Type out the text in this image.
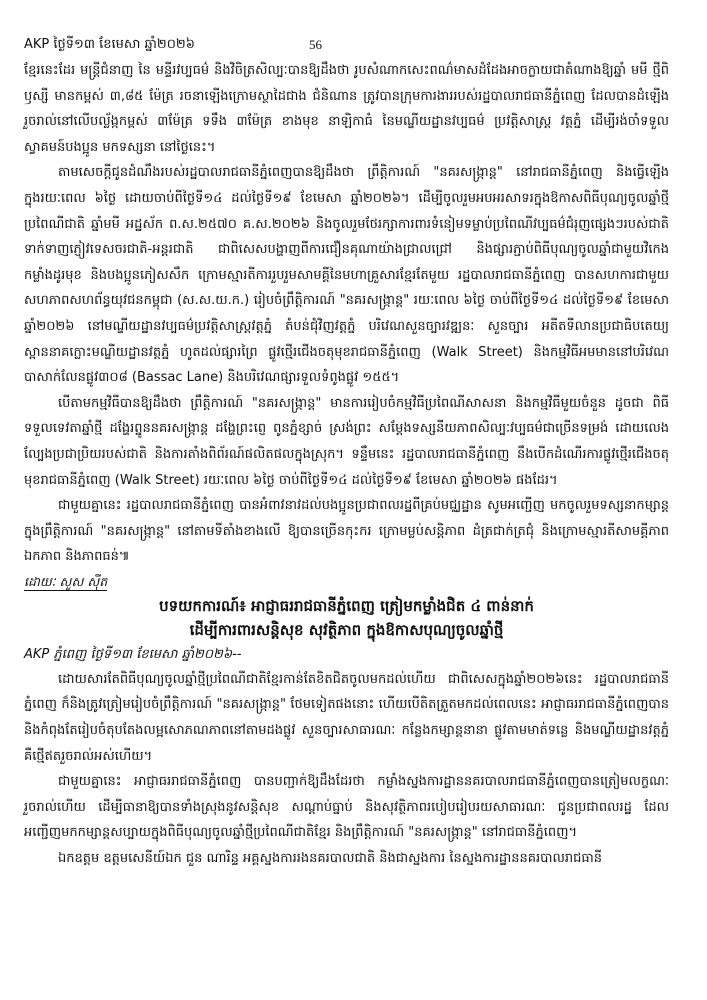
AKP ថ្ងៃទី១៣ ខែមេសា ឆ្នាំ២០២៦	56

ខ្មែរនេះដែរ មន្ត្រីជំនាញ នៃ មន្ទីរវប្បធម៌ និងវិចិត្រសិល្បៈបានឱ្យដឹងថា រូបសំណាកសេះពណ៌មាសដំដែងអាចក្លាយជាតំណាងឱ្យឆ្នាំ មមី ថ្មីពិឫស្សី មានកម្ពស់ ៣,៨៥ ម៉ែត្រ រចនាឡើងក្រោមស្ថាដៃជាង ជំនិណាន ត្រូវបានក្រុមការងាររបស់រដ្ឋបាលរាជធានីភ្នំពេញ ដែលបានដំឡើងរួចរាល់នៅលើបល្ល័ង្កកម្ពស់ ៣ម៉ែត្រ ទទឹង ៣ម៉ែត្រ ខាងមុខ នាឡិកាធំ នៃមណ្ឌីយដ្ឋានវប្បធម៌ ប្រវត្តិសាស្ត្រ វត្តភ្នំ ដើម្បីរង់ចាំទទួលស្វាគមន៍បងប្អូន មកទស្សនា នៅថ្ងៃនេះ។

តាមសេចក្ដីជូនដំណឹងរបស់រដ្ឋបាលរាជធានីភ្នំពេញបានឱ្យដឹងថា ព្រឹត្តិការណ៍ "នគរសង្ក្រាន្ត" នៅរាជធានីភ្នំពេញ និងធ្វើឡើងក្នុងរយៈពេល ៦ថ្ងៃ ដោយចាប់ពីថ្ងៃទី១៤ ដល់ថ្ងៃទី១៩ ខែមេសា ឆ្នាំ២០២៦។ ដើម្បីចូលរួមអបអរសាទរក្នុងឱកាសពិធីបុណ្យចូលឆ្នាំថ្មីប្រពៃណីជាតិ ឆ្នាំមមី អដ្ឋស័ក ព.ស.២៥៧០ គ.ស.២០២៦ និងចូលរួមថែរក្សាការពារទំនៀមទម្លាប់ប្រពៃណីវប្បធម៌ជំរុញផ្សេងៗរបស់ជាតិ ទាក់ទាញភ្ញៀវទេសចរជាតិ-អន្តរជាតិ ជាពិសេសបង្ហាញពីការជឿនគុណាយ៉ាងជ្រាលជ្រៅ និងផ្សារភ្ជាប់ពិធីបុណ្យចូលឆ្នាំជាមួយវិកេងកម្លាំងដូរមុខ និងបងប្អូនភៀសសឹក ក្រោមស្មារតីការរួបរួមសាមគ្គីនៃមហាគ្រួសារខ្មែរតែមួយ រដ្ឋបាលរាជធានីភ្នំពេញ បានសហការជាមួយសហភាពសហព័ន្ធយុវជនកម្ពុជា (ស.ស.យ.ក.) រៀបចំព្រឹត្តិការណ៍ "នគរសង្ក្រាន្ត" រយៈពេល ៦ថ្ងៃ ចាប់ពីថ្ងៃទី១៤ ដល់ថ្ងៃទី១៩ ខែមេសា ឆ្នាំ២០២៦ នៅមណ្ឌីយដ្ឋានវប្បធម៌ប្រវត្តិសាស្ត្រវត្តភ្នំ តំបន់ជុំវិញវត្តភ្នំ បរិវេណសួនច្បារវឌ្ឍនៈ សួនច្បារ អតីតទីលានប្រជាធិបតេយ្យ ស្ពាននាគក្លោះមណ្ឌីយដ្ឋានវត្តភ្នំ ហូតដល់ផ្សារព្រៃ ផ្លូវថ្មើរជើងចតុមុខរាជធានីភ្នំពេញ (Walk Street) និងកម្មវិធីអមមាននៅបរិវេណបាសាក់លែនផ្លូវ៣០៨ (Bassac Lane) និងបរិវេណផ្សារទួលទំពូងផ្លូវ ១៥៥។

បើតាមកម្មវិធីបានឱ្យដឹងថា ព្រឹត្តិការណ៍ "នគរសង្ក្រាន្ត" មានការរៀបចំកម្មវិធីប្រពៃណីសាសនា និងកម្មវិធីមួយចំនួន ដូចជា ពិធីទទួលទេវតាឆ្នាំថ្មី ដង្ហែរព្នូននគរសង្ក្រាន្ត ដង្ហែព្រះព្ញេ ពូនភ្នំខ្សាច់ ស្រង់ព្រះ សម្ដែងទស្សនីយភាពសិល្បៈវប្បធម៌ជាច្រើនទម្រង់ ដោយលេងល្បែងប្រជាប្រិយរបស់ជាតិ និងការតាំងពិព័រណ៍ផលិតផលក្នុងស្រុក។ ទន្ទឹមនេះ រដ្ឋបាលរាជធានីភ្នំពេញ នឹងបើកដំណើរការផ្លូវថ្មើរជើងចតុមុខរាជធានីភ្នំពេញ (Walk Street) រយៈពេល ៦ថ្ងៃ ចាប់ពីថ្ងៃទី១៤ ដល់ថ្ងៃទី១៩ ខែមេសា ឆ្នាំ២០២៦ ផងដែរ។

ជាមួយគ្នានេះ រដ្ឋបាលរាជធានីភ្នំពេញ បានអំពាវនាវដល់បងប្អូនប្រជាពលរដ្ឋពីគ្រប់មជ្ឈដ្ឋាន សូមអញ្ជើញ មកចូលរួមទស្សនាកម្សាន្តក្នុងព្រឹត្តិការណ៍ "នគរសង្ក្រាន្ត" នៅតាមទីតាំងខាងលើ ឱ្យបានច្រើនកុះករ ក្រោមម្លប់សន្តិភាព ដំត្រជាក់ត្រជុំ និងក្រោមស្មារតីសាមគ្គីភាព ឯកភាព និងភាពធន់៕

ដោយៈ សួស ស៊ីត
បទយកការណ៍៖ អាជ្ញាធររាជធានីភ្នំពេញ ត្រៀមកម្លាំងជិត ៤ ពាន់នាក់
ដើម្បីការពារសន្តិសុខ សុវត្ថិភាព ក្នុងឱកាសបុណ្យចូលឆ្នាំថ្មី
AKP ភ្នំពេញ ថ្ងៃទី១៣ ខែមេសា ឆ្នាំ២០២៦--

ដោយសារតែពិធីបុណ្យចូលឆ្នាំថ្មីប្រពៃណីជាតិខ្មែរកាន់តែខិតជិតចូលមកដល់ហើយ ជាពិសេសក្នុងឆ្នាំ២០២៦នេះ រដ្ឋបាលរាជធានីភ្នំពេញ ក៏និងត្រូវត្រៀមរៀបចំព្រឹត្តិការណ៍ "នគរសង្ក្រាន្ត" ថែមទៀតផងនោះ ហើយបើតិតត្រួតមកដល់ពេលនេះ អាជ្ញាធររាជធានីភ្នំពេញបាននិងកំពុងតែរៀបចំតុបតែងលម្អសោភណភាពនៅតាមដងផ្លូវ សួនច្បារសាធារណៈ កន្លែងកម្សាន្តនានា ផ្លូវតាមមាត់ទន្លេ និងមណ្ឌីយដ្ឋានវត្តភ្នំ គឺថ្មើឥតរួចរាល់អស់ហើយ។

ជាមួយគ្នានេះ អាជ្ញាធររាជធានីភ្នំពេញ បានបញ្ជាក់ឱ្យដឹងដែរថា កម្លាំងស្នងការដ្ឋាននគរបាលរាជធានីភ្នំពេញបានត្រៀមលក្ខណៈរួចរាល់ហើយ ដើម្បីធានាឱ្យបានទាំងស្រុងនូវសន្តិសុខ សណ្ដាប់ធ្នាប់ និងសុវត្ថិភាពរបៀបរៀបរយសាធារណៈ ជូនប្រជាពលរដ្ឋ ដែលអញ្ជើញមកកម្សាន្តសប្បាយក្នុងពិធីបុណ្យចូលឆ្នាំថ្មីប្រពៃណីជាតិខ្មែរ និងព្រឹត្តិការណ៍ "នគរសង្ក្រាន្ត" នៅរាជធានីភ្នំពេញ។

ឯកឧត្តម ឧត្តមសេនីយ៍ឯក ជួន ណារិន្ទ អគ្គស្នងការរងនគរបាលជាតិ និងជាស្នងការ នៃស្នងការដ្ឋាននគរបាលរាជធានី
